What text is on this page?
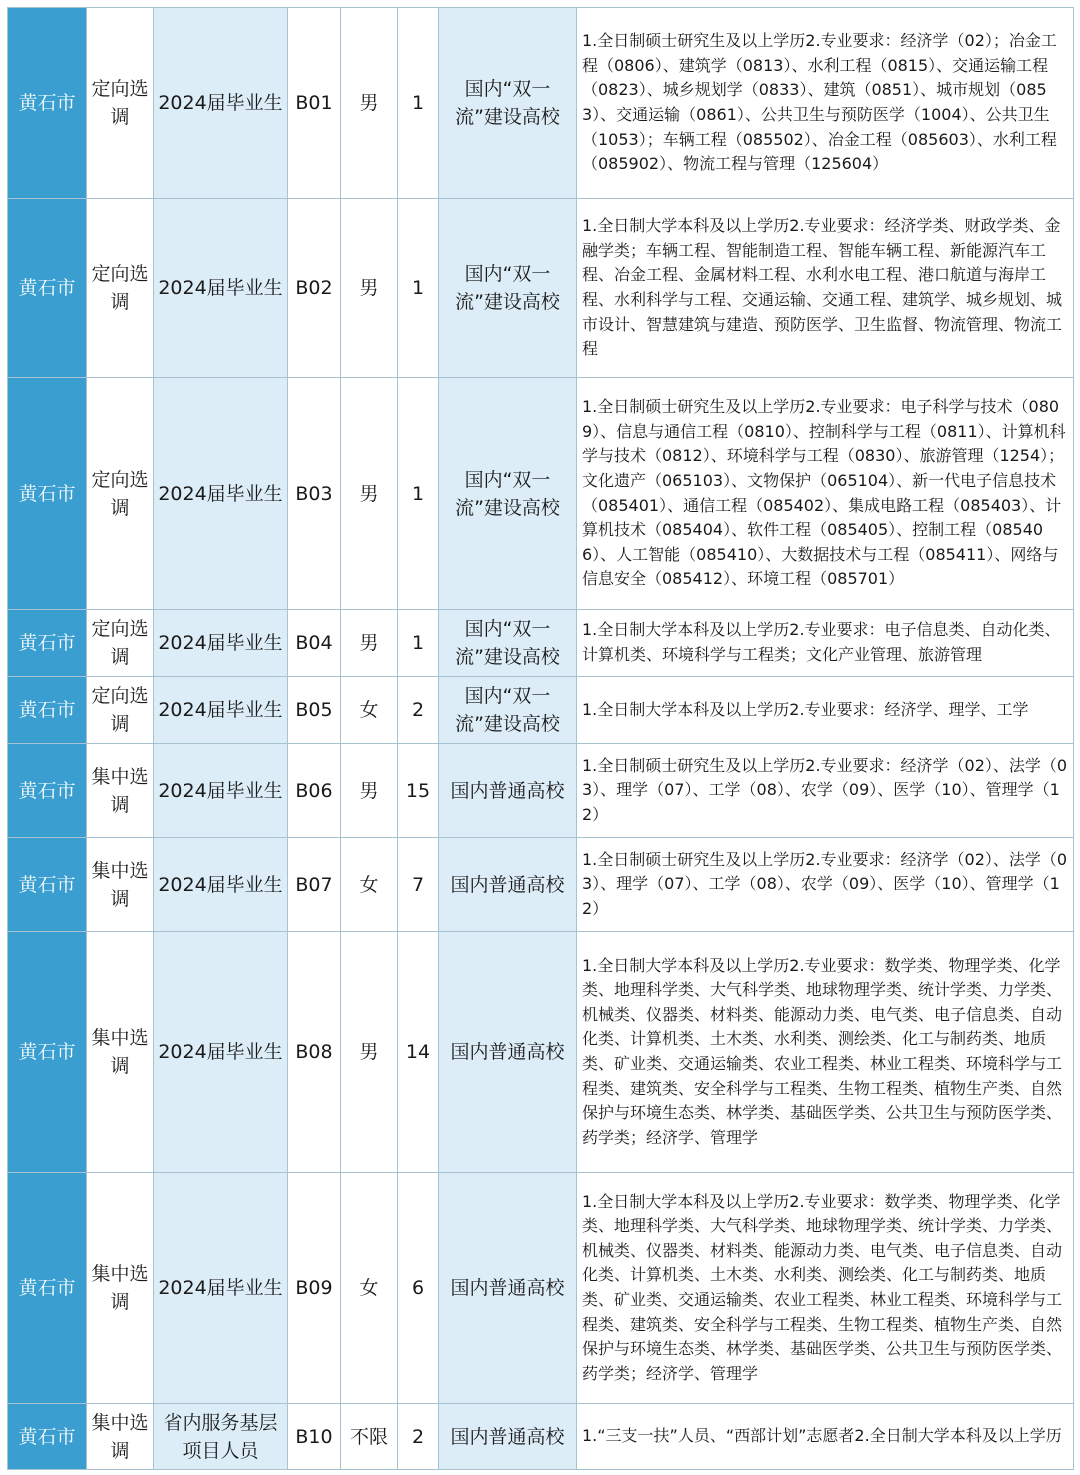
黄石市	定向选调	2024届毕业生	B01	男	1	国内“双一流”建设高校	1.全日制硕士研究生及以上学历2.专业要求：经济学（02）；冶金工程（0806）、建筑学（0813）、水利工程（0815）、交通运输工程（0823）、城乡规划学（0833）、建筑（0851）、城市规划（0853）、交通运输（0861）、公共卫生与预防医学（1004）、公共卫生（1053）；车辆工程（085502）、冶金工程（085603）、水利工程（085902）、物流工程与管理（125604）

黄石市	定向选调	2024届毕业生	B02	男	1	国内“双一流”建设高校	1.全日制大学本科及以上学历2.专业要求：经济学类、财政学类、金融学类；车辆工程、智能制造工程、智能车辆工程、新能源汽车工程、冶金工程、金属材料工程、水利水电工程、港口航道与海岸工程、水利科学与工程、交通运输、交通工程、建筑学、城乡规划、城市设计、智慧建筑与建造、预防医学、卫生监督、物流管理、物流工程

黄石市	定向选调	2024届毕业生	B03	男	1	国内“双一流”建设高校	1.全日制硕士研究生及以上学历2.专业要求：电子科学与技术（0809）、信息与通信工程（0810）、控制科学与工程（0811）、计算机科学与技术（0812）、环境科学与工程（0830）、旅游管理（1254）；文化遗产（065103）、文物保护（065104）、新一代电子信息技术（085401）、通信工程（085402）、集成电路工程（085403）、计算机技术（085404）、软件工程（085405）、控制工程（085406）、人工智能（085410）、大数据技术与工程（085411）、网络与信息安全（085412）、环境工程（085701）

黄石市	定向选调	2024届毕业生	B04	男	1	国内“双一流”建设高校	1.全日制大学本科及以上学历2.专业要求：电子信息类、自动化类、计算机类、环境科学与工程类；文化产业管理、旅游管理

黄石市	定向选调	2024届毕业生	B05	女	2	国内“双一流”建设高校	1.全日制大学本科及以上学历2.专业要求：经济学、理学、工学

黄石市	集中选调	2024届毕业生	B06	男	15	国内普通高校	1.全日制硕士研究生及以上学历2.专业要求：经济学（02）、法学（03）、理学（07）、工学（08）、农学（09）、医学（10）、管理学（12）

黄石市	集中选调	2024届毕业生	B07	女	7	国内普通高校	1.全日制硕士研究生及以上学历2.专业要求：经济学（02）、法学（03）、理学（07）、工学（08）、农学（09）、医学（10）、管理学（12）

黄石市	集中选调	2024届毕业生	B08	男	14	国内普通高校	1.全日制大学本科及以上学历2.专业要求：数学类、物理学类、化学类、地理科学类、大气科学类、地球物理学类、统计学类、力学类、机械类、仪器类、材料类、能源动力类、电气类、电子信息类、自动化类、计算机类、土木类、水利类、测绘类、化工与制药类、地质类、矿业类、交通运输类、农业工程类、林业工程类、环境科学与工程类、建筑类、安全科学与工程类、生物工程类、植物生产类、自然保护与环境生态类、林学类、基础医学类、公共卫生与预防医学类、药学类；经济学、管理学

黄石市	集中选调	2024届毕业生	B09	女	6	国内普通高校	1.全日制大学本科及以上学历2.专业要求：数学类、物理学类、化学类、地理科学类、大气科学类、地球物理学类、统计学类、力学类、机械类、仪器类、材料类、能源动力类、电气类、电子信息类、自动化类、计算机类、土木类、水利类、测绘类、化工与制药类、地质类、矿业类、交通运输类、农业工程类、林业工程类、环境科学与工程类、建筑类、安全科学与工程类、生物工程类、植物生产类、自然保护与环境生态类、林学类、基础医学类、公共卫生与预防医学类、药学类；经济学、管理学

黄石市	集中选调	省内服务基层项目人员	B10	不限	2	国内普通高校	1.“三支一扶”人员、“西部计划”志愿者2.全日制大学本科及以上学历
